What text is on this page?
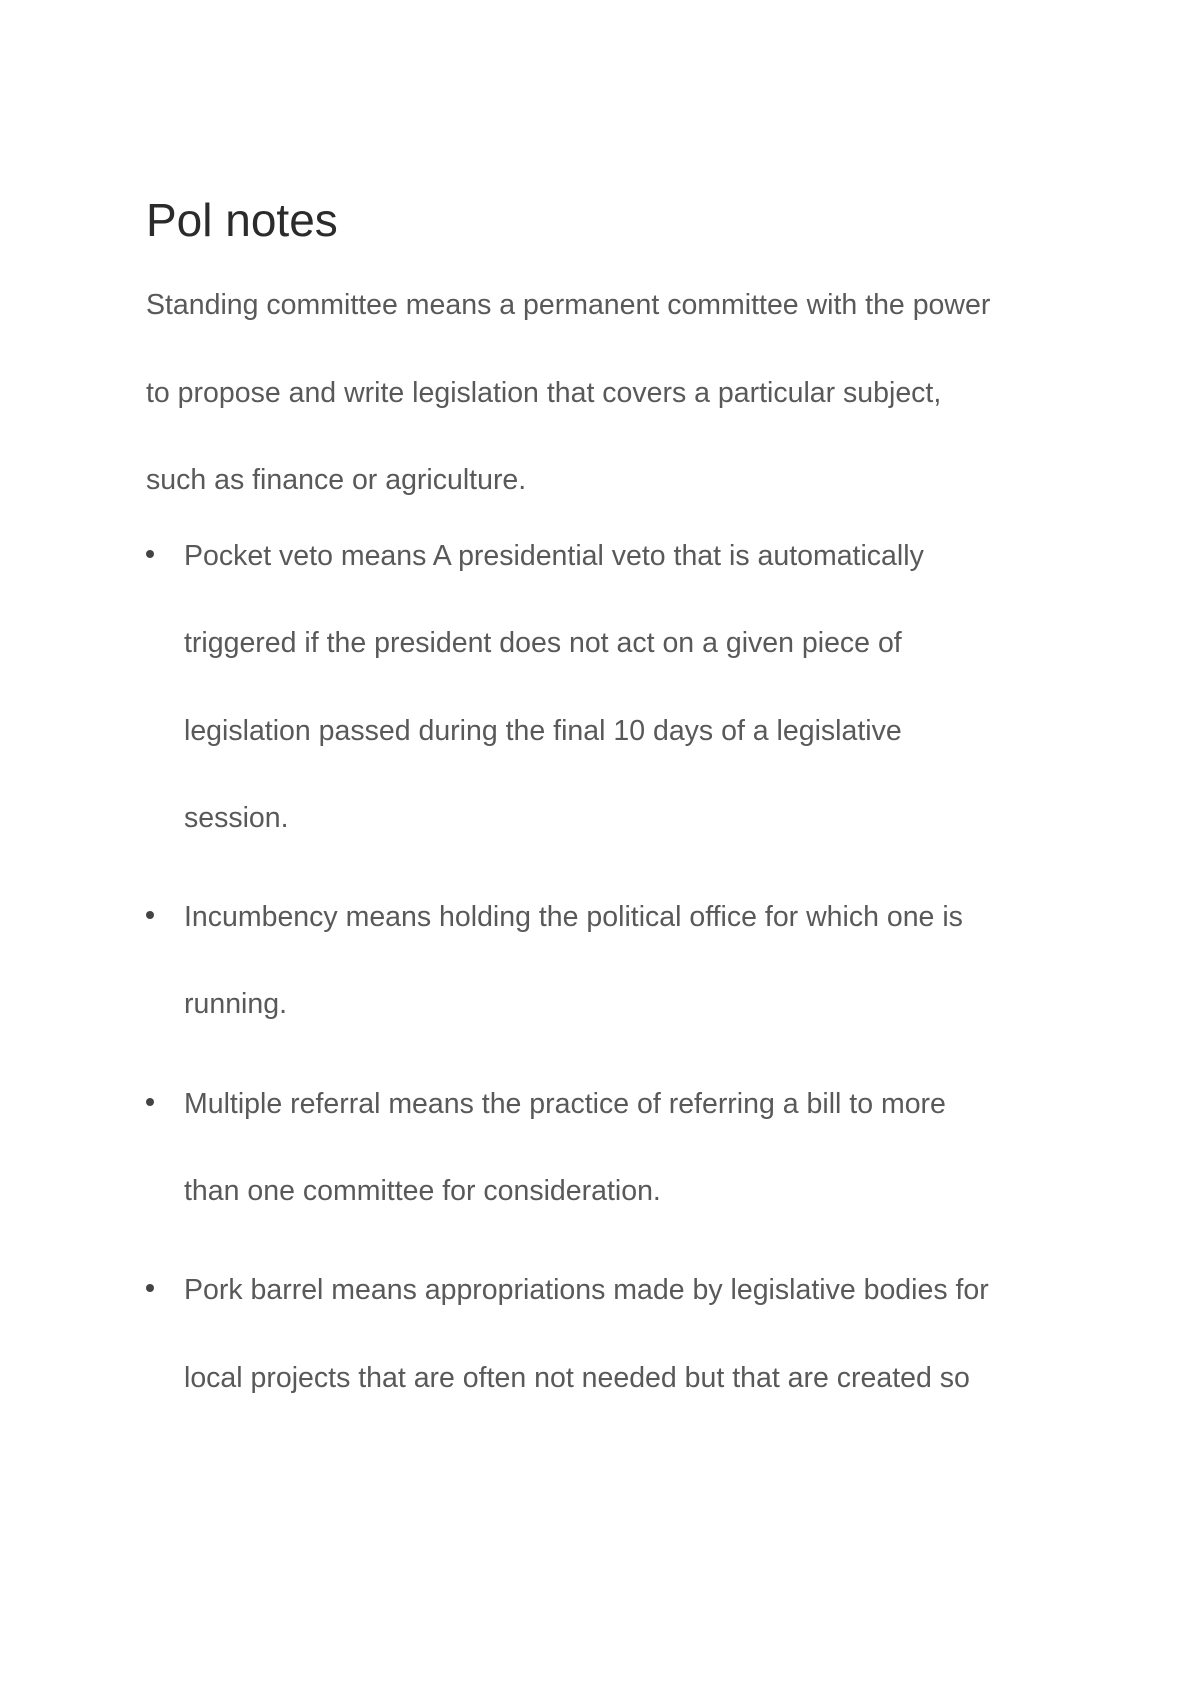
Pol notes

Standing committee means a permanent committee with the power
to propose and write legislation that covers a particular subject,
such as finance or agriculture.

Pocket veto means A presidential veto that is automatically
triggered if the president does not act on a given piece of
legislation passed during the final 10 days of a legislative
session.
Incumbency means holding the political office for which one is
running.
Multiple referral means the practice of referring a bill to more
than one committee for consideration.
Pork barrel means appropriations made by legislative bodies for
local projects that are often not needed but that are created so
